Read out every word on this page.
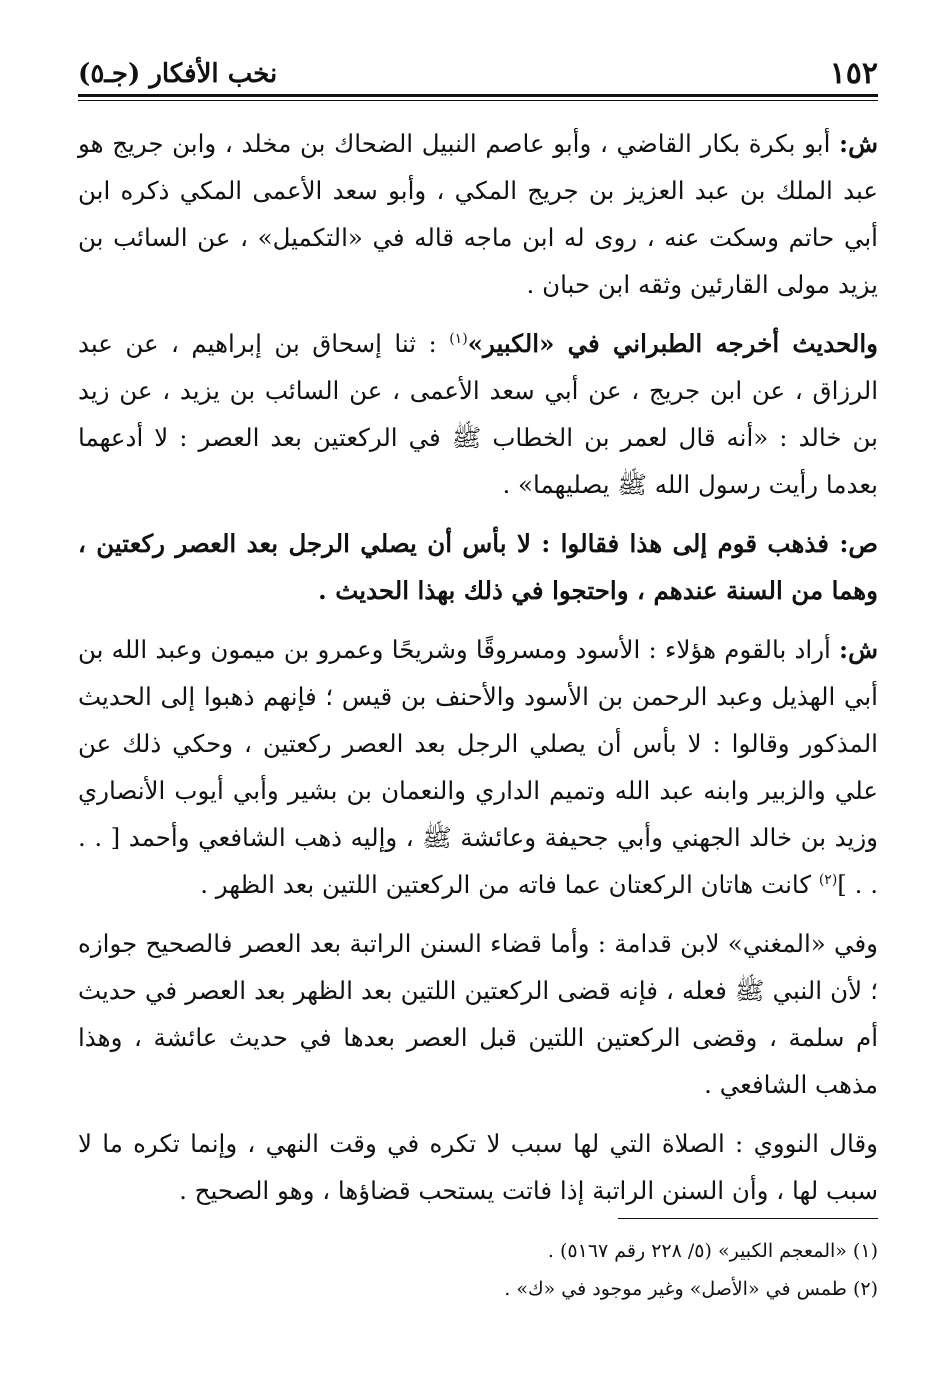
١٥٢
نخب الأفكار (جـ٥)

ش: أبو بكرة بكار القاضي ، وأبو عاصم النبيل الضحاك بن مخلد ، وابن جريج هو عبد الملك بن عبد العزيز بن جريج المكي ، وأبو سعد الأعمى المكي ذكره ابن أبي حاتم وسكت عنه ، روى له ابن ماجه قاله في «التكميل» ، عن السائب بن يزيد مولى القارئين وثقه ابن حبان .

والحديث أخرجه الطبراني في «الكبير»$^{(١)}$ : ثنا إسحاق بن إبراهيم ، عن عبد الرزاق ، عن ابن جريج ، عن أبي سعد الأعمى ، عن السائب بن يزيد ، عن زيد بن خالد : «أنه قال لعمر بن الخطاب ﷺ في الركعتين بعد العصر : لا أدعهما بعدما رأيت رسول الله ﷺ يصليهما» .

ص: فذهب قوم إلى هذا فقالوا : لا بأس أن يصلي الرجل بعد العصر ركعتين ، وهما من السنة عندهم ، واحتجوا في ذلك بهذا الحديث .

ش: أراد بالقوم هؤلاء : الأسود ومسروقًا وشريحًا وعمرو بن ميمون وعبد الله بن أبي الهذيل وعبد الرحمن بن الأسود والأحنف بن قيس ؛ فإنهم ذهبوا إلى الحديث المذكور وقالوا : لا بأس أن يصلي الرجل بعد العصر ركعتين ، وحكي ذلك عن علي والزبير وابنه عبد الله وتميم الداري والنعمان بن بشير وأبي أيوب الأنصاري وزيد بن خالد الجهني وأبي جحيفة وعائشة ﷺ ، وإليه ذهب الشافعي وأحمد [ . . . . ]$^{(٢)}$ كانت هاتان الركعتان عما فاته من الركعتين اللتين بعد الظهر .

وفي «المغني» لابن قدامة : وأما قضاء السنن الراتبة بعد العصر فالصحيح جوازه ؛ لأن النبي ﷺ فعله ، فإنه قضى الركعتين اللتين بعد الظهر بعد العصر في حديث أم سلمة ، وقضى الركعتين اللتين قبل العصر بعدها في حديث عائشة ، وهذا مذهب الشافعي .

وقال النووي : الصلاة التي لها سبب لا تكره في وقت النهي ، وإنما تكره ما لا سبب لها ، وأن السنن الراتبة إذا فاتت يستحب قضاؤها ، وهو الصحيح .

(١) «المعجم الكبير» (٥/ ٢٢٨ رقم ٥١٦٧) .

(٢) طمس في «الأصل» وغير موجود في «ك» .
